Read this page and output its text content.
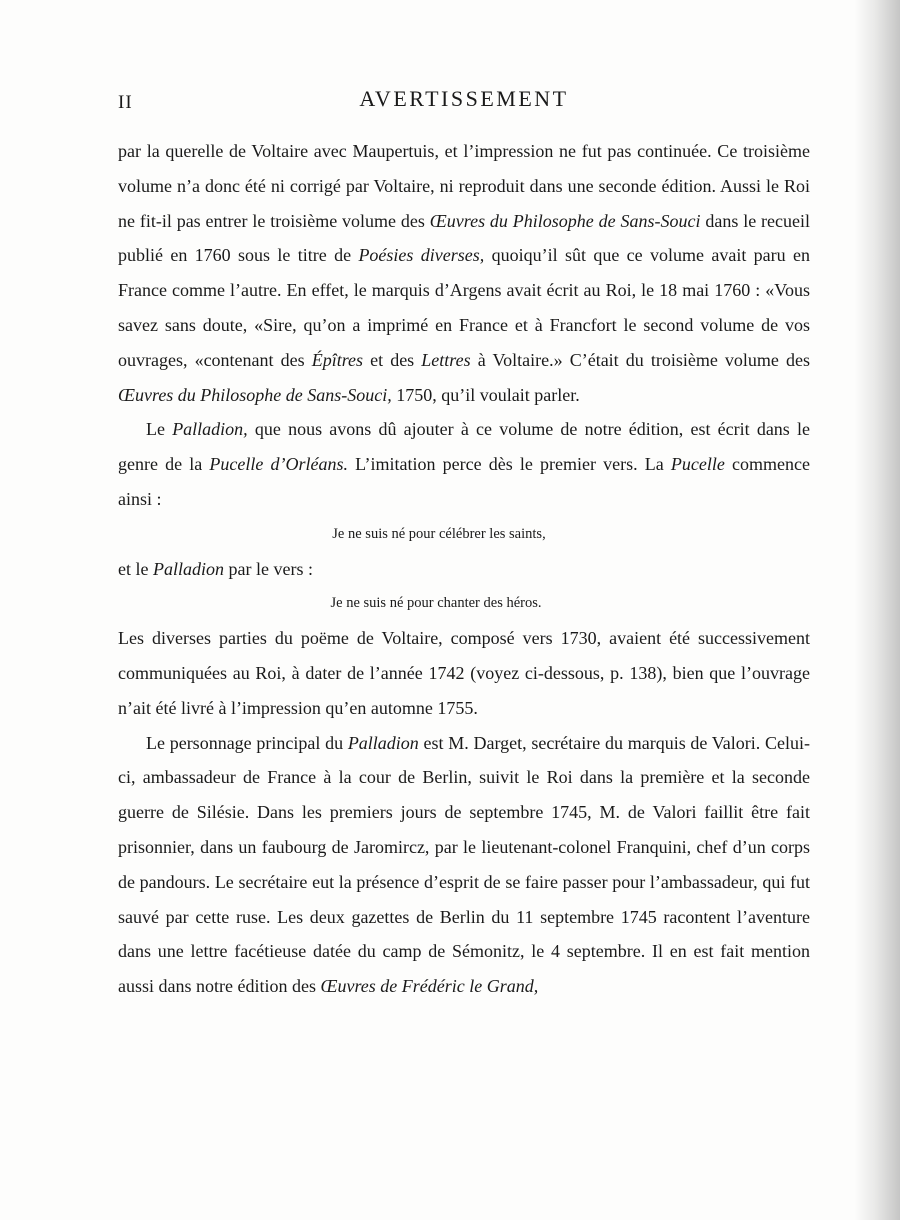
II	AVERTISSEMENT

par la querelle de Voltaire avec Maupertuis, et l’impression ne fut pas continuée. Ce troisième volume n’a donc été ni corrigé par Voltaire, ni reproduit dans une seconde édition. Aussi le Roi ne fit-il pas entrer le troisième volume des Œuvres du Philosophe de Sans-Souci dans le recueil publié en 1760 sous le titre de Poésies diverses, quoiqu’il sût que ce volume avait paru en France comme l’autre. En effet, le marquis d’Argens avait écrit au Roi, le 18 mai 1760 : «Vous savez sans doute, «Sire, qu’on a imprimé en France et à Francfort le second volume de vos ouvrages, «contenant des Épîtres et des Lettres à Voltaire.» C’était du troisième volume des Œuvres du Philosophe de Sans-Souci, 1750, qu’il voulait parler.

Le Palladion, que nous avons dû ajouter à ce volume de notre édition, est écrit dans le genre de la Pucelle d’Orléans. L’imitation perce dès le premier vers. La Pucelle commence ainsi :

Je ne suis né pour célébrer les saints,

et le Palladion par le vers :

Je ne suis né pour chanter des héros.

Les diverses parties du poëme de Voltaire, composé vers 1730, avaient été successivement communiquées au Roi, à dater de l’année 1742 (voyez ci-dessous, p. 138), bien que l’ouvrage n’ait été livré à l’impression qu’en automne 1755.

Le personnage principal du Palladion est M. Darget, secrétaire du marquis de Valori. Celui-ci, ambassadeur de France à la cour de Berlin, suivit le Roi dans la première et la seconde guerre de Silésie. Dans les premiers jours de septembre 1745, M. de Valori faillit être fait prisonnier, dans un faubourg de Jaromircz, par le lieutenant-colonel Franquini, chef d’un corps de pandours. Le secrétaire eut la présence d’esprit de se faire passer pour l’ambassadeur, qui fut sauvé par cette ruse. Les deux gazettes de Berlin du 11 septembre 1745 racontent l’aventure dans une lettre facétieuse datée du camp de Sémonitz, le 4 septembre. Il en est fait mention aussi dans notre édition des Œuvres de Frédéric le Grand,
